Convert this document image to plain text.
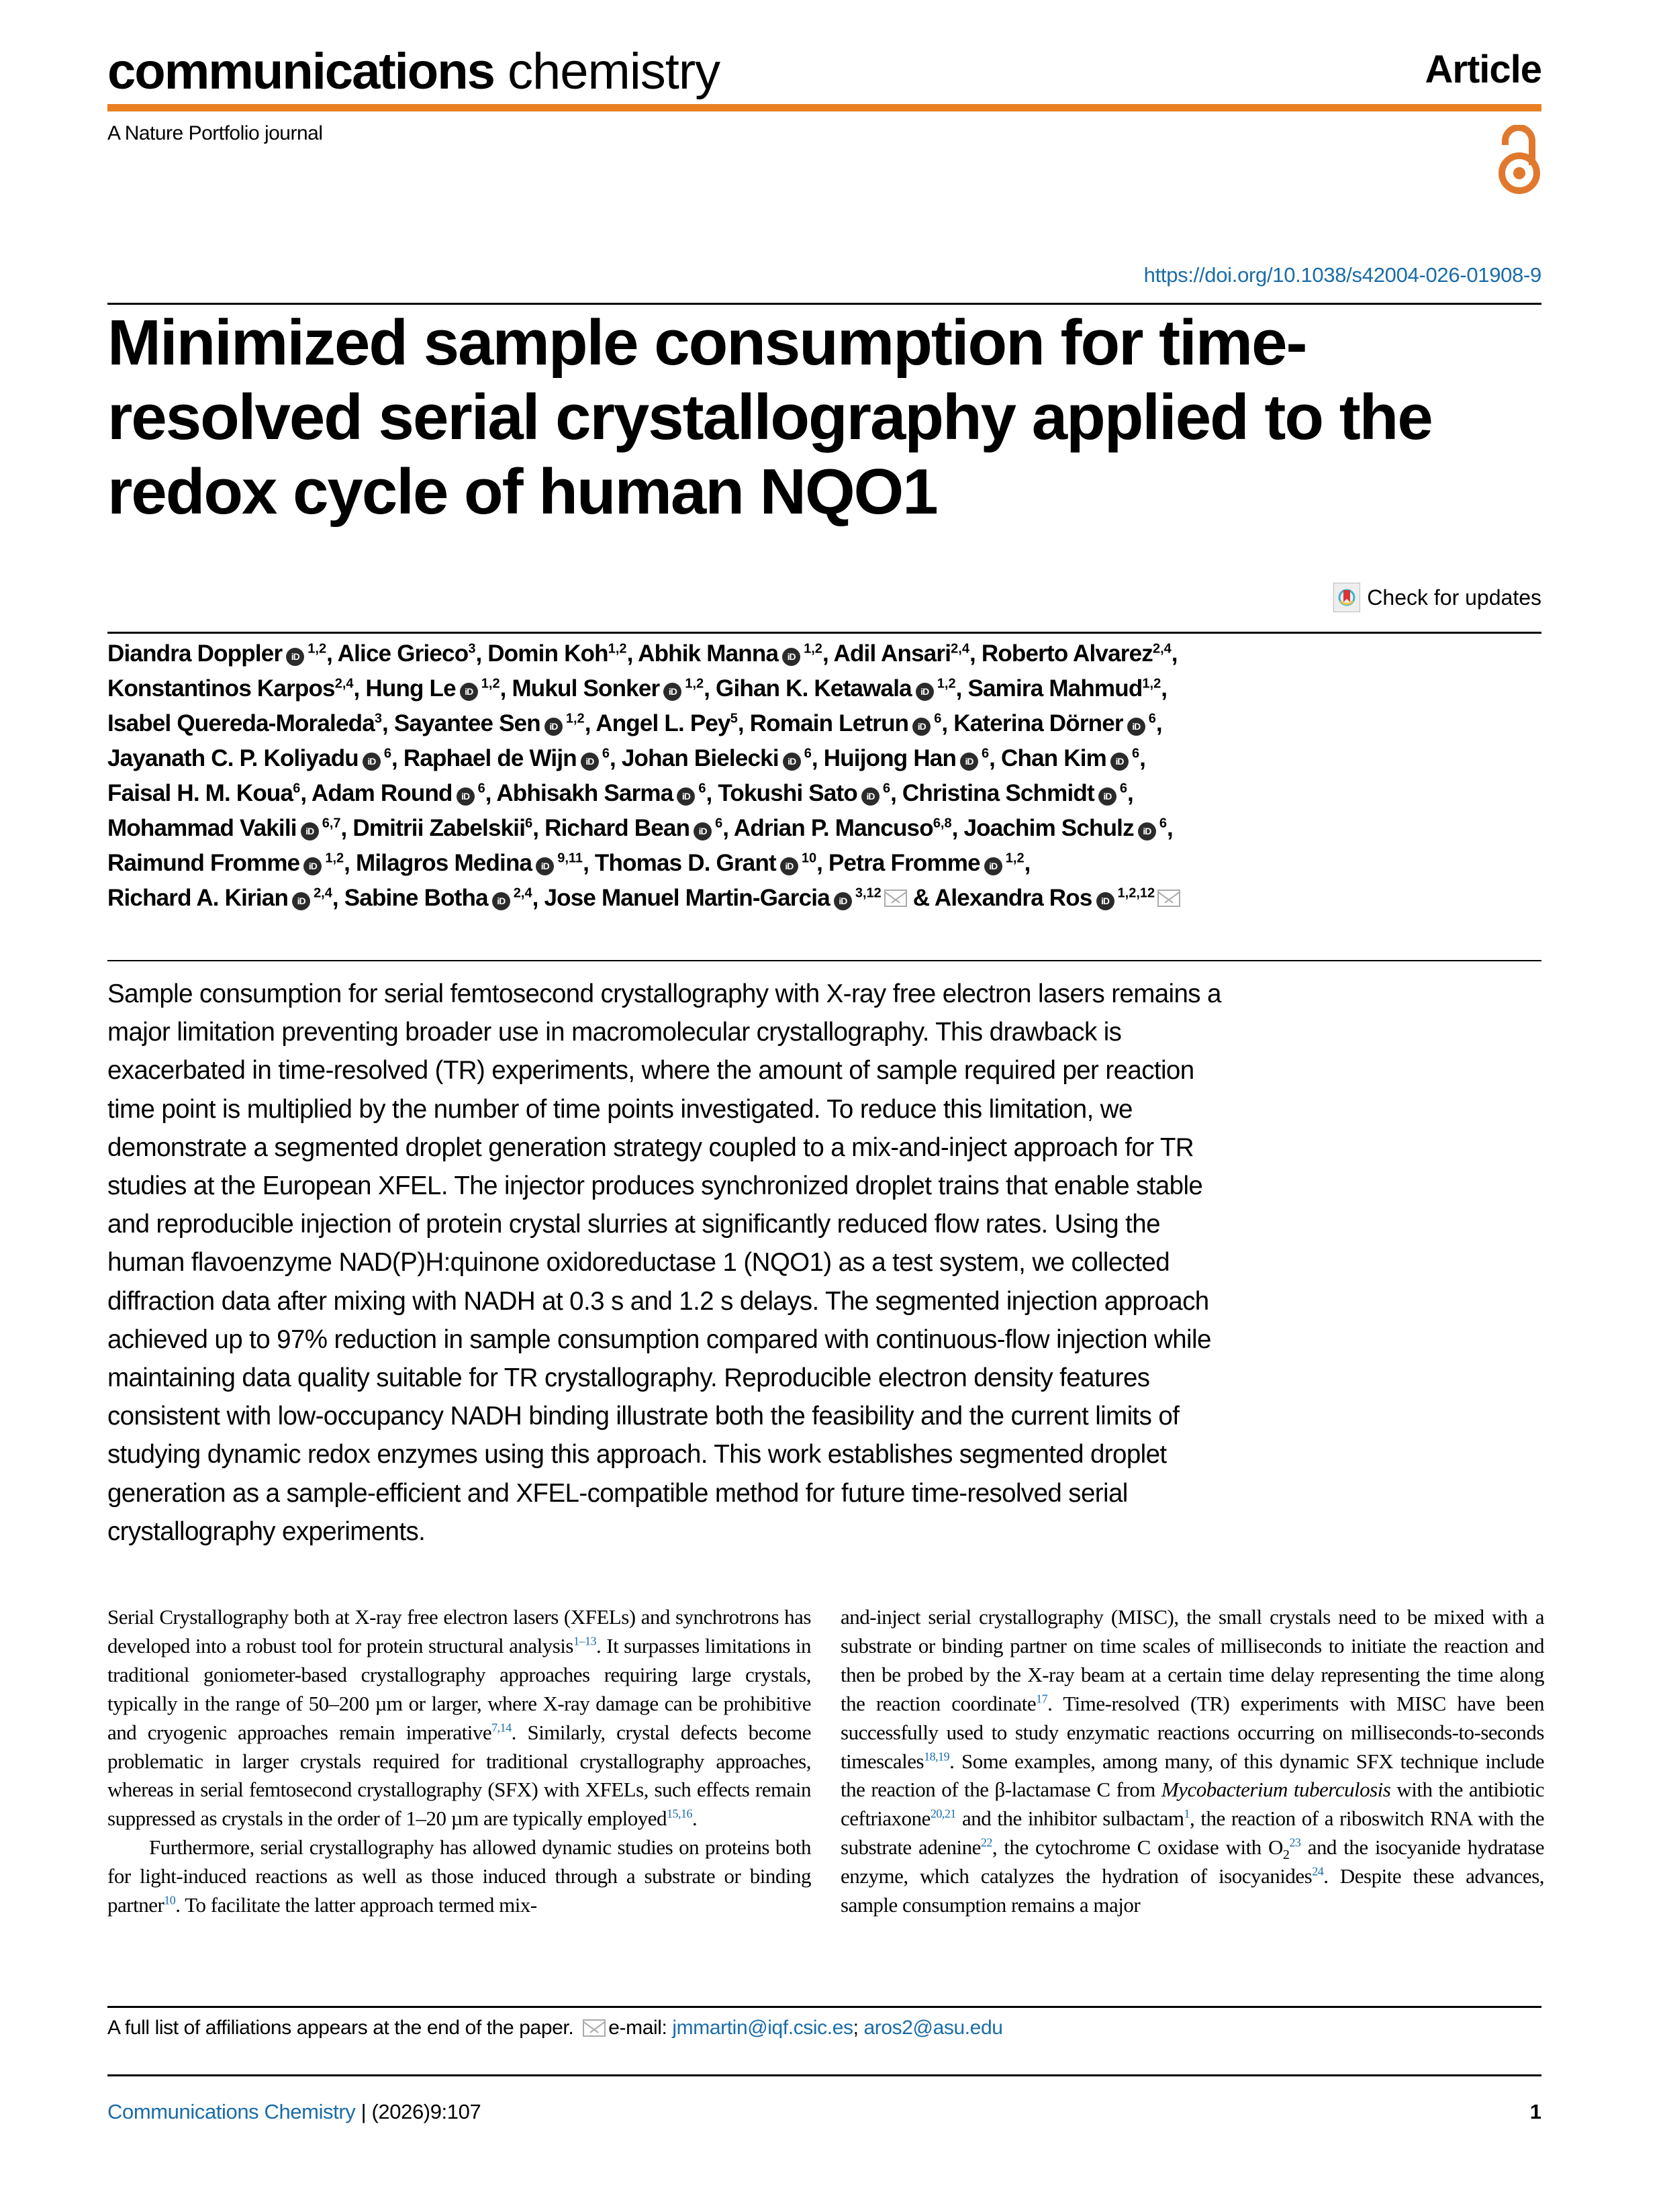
communications chemistry	Article
A Nature Portfolio journal
https://doi.org/10.1038/s42004-026-01908-9
Minimized sample consumption for time-resolved serial crystallography applied to the redox cycle of human NQO1
Check for updates
Diandra Doppler iD$^{1,2}$, Alice Grieco$^3$, Domin Koh$^{1,2}$, Abhik Manna iD$^{1,2}$, Adil Ansari$^{2,4}$, Roberto Alvarez$^{2,4}$,
Konstantinos Karpos$^{2,4}$, Hung Le iD$^{1,2}$, Mukul Sonker iD$^{1,2}$, Gihan K. Ketawala iD$^{1,2}$, Samira Mahmud$^{1,2}$,
Isabel Quereda-Moraleda$^3$, Sayantee Sen iD$^{1,2}$, Angel L. Pey$^5$, Romain Letrun $iD^6$, Katerina Dörner $iD^6$,
Jayanath C. P. Koliyadu $iD^6$, Raphael de Wijn $iD^6$, Johan Bielecki $iD^6$, Huijong Han $iD^6$, Chan Kim $iD^6$,
Faisal H. M. Koua$^6$, Adam Round $iD^6$, Abhisakh Sarma $iD^6$, Tokushi Sato $iD^6$, Christina Schmidt $iD^6$,
Mohammad Vakili iD$^{6,7}$, Dmitrii Zabelskii$^6$, Richard Bean $iD^6$, Adrian P. Mancuso$^{6,8}$, Joachim Schulz $iD^6$,
Raimund Fromme iD$^{1,2}$, Milagros Medina iD$^{9,11}$, Thomas D. Grant $iD^{10}$, Petra Fromme iD$^{1,2}$,
Richard A. Kirian iD$^{2,4}$, Sabine Botha iD$^{2,4}$, Jose Manuel Martin-Garcia iD$^{3,12}$ & Alexandra Ros iD$^{1,2,12}$
Sample consumption for serial femtosecond crystallography with X-ray free electron lasers remains a
major limitation preventing broader use in macromolecular crystallography. This drawback is
exacerbated in time-resolved (TR) experiments, where the amount of sample required per reaction
time point is multiplied by the number of time points investigated. To reduce this limitation, we
demonstrate a segmented droplet generation strategy coupled to a mix-and-inject approach for TR
studies at the European XFEL. The injector produces synchronized droplet trains that enable stable
and reproducible injection of protein crystal slurries at significantly reduced flow rates. Using the
human flavoenzyme NAD(P)H:quinone oxidoreductase 1 (NQO1) as a test system, we collected
diffraction data after mixing with NADH at 0.3 s and 1.2 s delays. The segmented injection approach
achieved up to 97% reduction in sample consumption compared with continuous-flow injection while
maintaining data quality suitable for TR crystallography. Reproducible electron density features
consistent with low-occupancy NADH binding illustrate both the feasibility and the current limits of
studying dynamic redox enzymes using this approach. This work establishes segmented droplet
generation as a sample-efficient and XFEL-compatible method for future time-resolved serial
crystallography experiments.

Serial Crystallography both at X-ray free electron lasers (XFELs) and synchrotrons has developed into a robust tool for protein structural analysis$^{1-13}$. It surpasses limitations in traditional goniometer-based crystallography approaches requiring large crystals, typically in the range of 50–200 µm or larger, where X-ray damage can be prohibitive and cryogenic approaches remain imperative$^{7,14}$. Similarly, crystal defects become problematic in larger crystals required for traditional crystallography approaches, whereas in serial femtosecond crystallography (SFX) with XFELs, such effects remain suppressed as crystals in the order of 1–20 µm are typically employed$^{15,16}$.

Furthermore, serial crystallography has allowed dynamic studies on proteins both for light-induced reactions as well as those induced through a substrate or binding partner$^{10}$. To facilitate the latter approach termed mix-

and-inject serial crystallography (MISC), the small crystals need to be mixed with a substrate or binding partner on time scales of milliseconds to initiate the reaction and then be probed by the X-ray beam at a certain time delay representing the time along the reaction coordinate$^{17}$. Time-resolved (TR) experiments with MISC have been successfully used to study enzymatic reactions occurring on milliseconds-to-seconds timescales$^{18,19}$. Some examples, among many, of this dynamic SFX technique include the reaction of the β-lactamase C from Mycobacterium tuberculosis with the antibiotic ceftriaxone$^{20,21}$ and the inhibitor sulbactam$^1$, the reaction of a riboswitch RNA with the substrate adenine$^{22}$, the cytochrome C oxidase with $O_2^{23}$ and the isocyanide hydratase enzyme, which catalyzes the hydration of isocyanides$^{24}$. Despite these advances, sample consumption remains a major

A full list of affiliations appears at the end of the paper. e-mail:
jmmartin@iqf.csic.es ;
aros2@asu.edu
Communications Chemistry | (2026)9:107	1
